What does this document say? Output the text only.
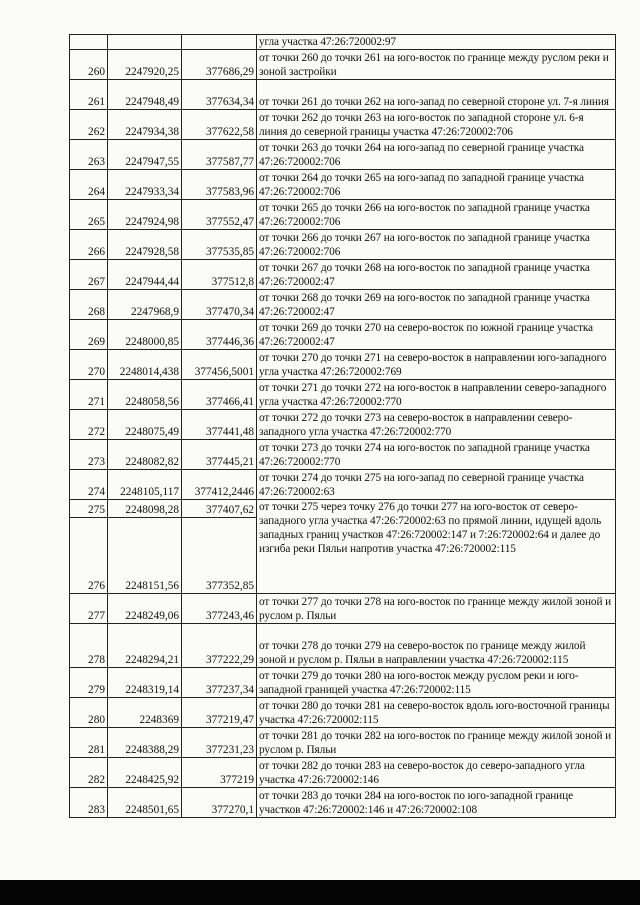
			угла участка 47:26:720002:97
260	2247920,25	377686,29	от точки 260 до точки 261 на юго-восток по границе между руслом реки и зоной застройки
261	2247948,49	377634,34	от точки 261 до точки 262 на юго-запад по северной стороне ул. 7-я линия
262	2247934,38	377622,58	от точки 262 до точки 263 на юго-восток по западной стороне ул. 6-я линия до северной границы участка 47:26:720002:706
263	2247947,55	377587,77	от точки 263 до точки 264 на юго-запад по северной границе участка 47:26:720002:706
264	2247933,34	377583,96	от точки 264 до точки 265 на юго-запад по западной границе участка 47:26:720002:706
265	2247924,98	377552,47	от точки 265 до точки 266 на юго-восток по западной границе участка 47:26:720002:706
266	2247928,58	377535,85	от точки 266 до точки 267 на юго-восток по западной границе участка 47:26:720002:706
267	2247944,44	377512,8	от точки 267 до точки 268 на юго-восток по западной границе участка 47:26:720002:47
268	2247968,9	377470,34	от точки 268 до точки 269 на юго-восток по западной границе участка 47:26:720002:47
269	2248000,85	377446,36	от точки 269 до точки 270 на северо-восток по южной границе участка 47:26:720002:47
270	2248014,438	377456,5001	от точки 270 до точки 271 на северо-восток в направлении юго-западного угла участка 47:26:720002:769
271	2248058,56	377466,41	от точки 271 до точки 272 на юго-восток в направлении северо-западного угла участка 47:26:720002:770
272	2248075,49	377441,48	от точки 272 до точки 273 на северо-восток в направлении северо-западного угла участка 47:26:720002:770
273	2248082,82	377445,21	от точки 273 до точки 274 на юго-восток по западной границе участка 47:26:720002:770
274	2248105,117	377412,2446	от точки 274 до точки 275 на юго-запад по северной границе участка 47:26:720002:63
275	2248098,28	377407,62	от точки 275 через точку 276 до точки 277 на юго-восток от северо-западного угла участка 47:26:720002:63 по прямой линии, идущей вдоль западных границ участков 47:26:720002:147 и 7:26:720002:64 и далее до изгиба реки Пяльи напротив участка 47:26:720002:115
276	2248151,56	377352,85	
277	2248249,06	377243,46	от точки 277 до точки 278 на юго-восток по границе между жилой зоной и руслом р. Пяльи
278	2248294,21	377222,29	от точки 278 до точки 279 на северо-восток по границе между жилой зоной и руслом р. Пяльи в направлении участка 47:26:720002:115
279	2248319,14	377237,34	от точки 279 до точки 280 на юго-восток между руслом реки и юго-западной границей участка 47:26:720002:115
280	2248369	377219,47	от точки 280 до точки 281 на северо-восток вдоль юго-восточной границы участка 47:26:720002:115
281	2248388,29	377231,23	от точки 281 до точки 282 на юго-восток по границе между жилой зоной и руслом р. Пяльи
282	2248425,92	377219	от точки 282 до точки 283 на северо-восток до северо-западного угла участка 47:26:720002:146
283	2248501,65	377270,1	от точки 283 до точки 284 на юго-восток по юго-западной границе участков 47:26:720002:146 и 47:26:720002:108
